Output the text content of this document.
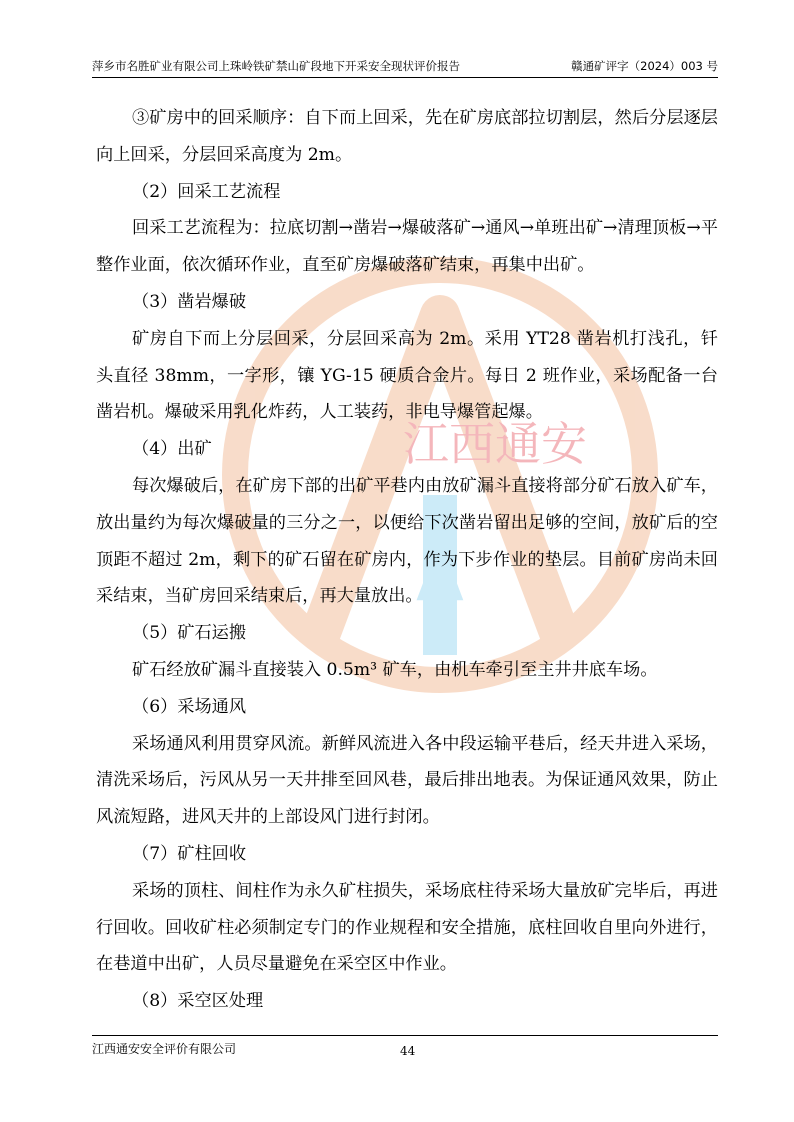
萍乡市名胜矿业有限公司上珠岭铁矿禁山矿段地下开采安全现状评价报告	赣通矿评字（2024）003 号
A
江西通安

③矿房中的回采顺序：自下而上回采，先在矿房底部拉切割层，然后分层逐层向上回采，分层回采高度为 2m。

（2）回采工艺流程

回采工艺流程为：拉底切割→凿岩→爆破落矿→通风→单班出矿→清理顶板→平整作业面，依次循环作业，直至矿房爆破落矿结束，再集中出矿。

（3）凿岩爆破

矿房自下而上分层回采，分层回采高为 2m。采用 YT28 凿岩机打浅孔，钎头直径 38mm，一字形，镶 YG-15 硬质合金片。每日 2 班作业，采场配备一台凿岩机。爆破采用乳化炸药，人工装药，非电导爆管起爆。

（4）出矿

每次爆破后，在矿房下部的出矿平巷内由放矿漏斗直接将部分矿石放入矿车，放出量约为每次爆破量的三分之一，以便给下次凿岩留出足够的空间，放矿后的空顶距不超过 2m，剩下的矿石留在矿房内，作为下步作业的垫层。目前矿房尚未回采结束，当矿房回采结束后，再大量放出。

（5）矿石运搬

矿石经放矿漏斗直接装入 0.5m³ 矿车，由机车牵引至主井井底车场。

（6）采场通风

采场通风利用贯穿风流。新鲜风流进入各中段运输平巷后，经天井进入采场，清洗采场后，污风从另一天井排至回风巷，最后排出地表。为保证通风效果，防止风流短路，进风天井的上部设风门进行封闭。

（7）矿柱回收

采场的顶柱、间柱作为永久矿柱损失，采场底柱待采场大量放矿完毕后，再进行回收。回收矿柱必须制定专门的作业规程和安全措施，底柱回收自里向外进行，在巷道中出矿，人员尽量避免在采空区中作业。

（8）采空区处理

江西通安安全评价有限公司	44
